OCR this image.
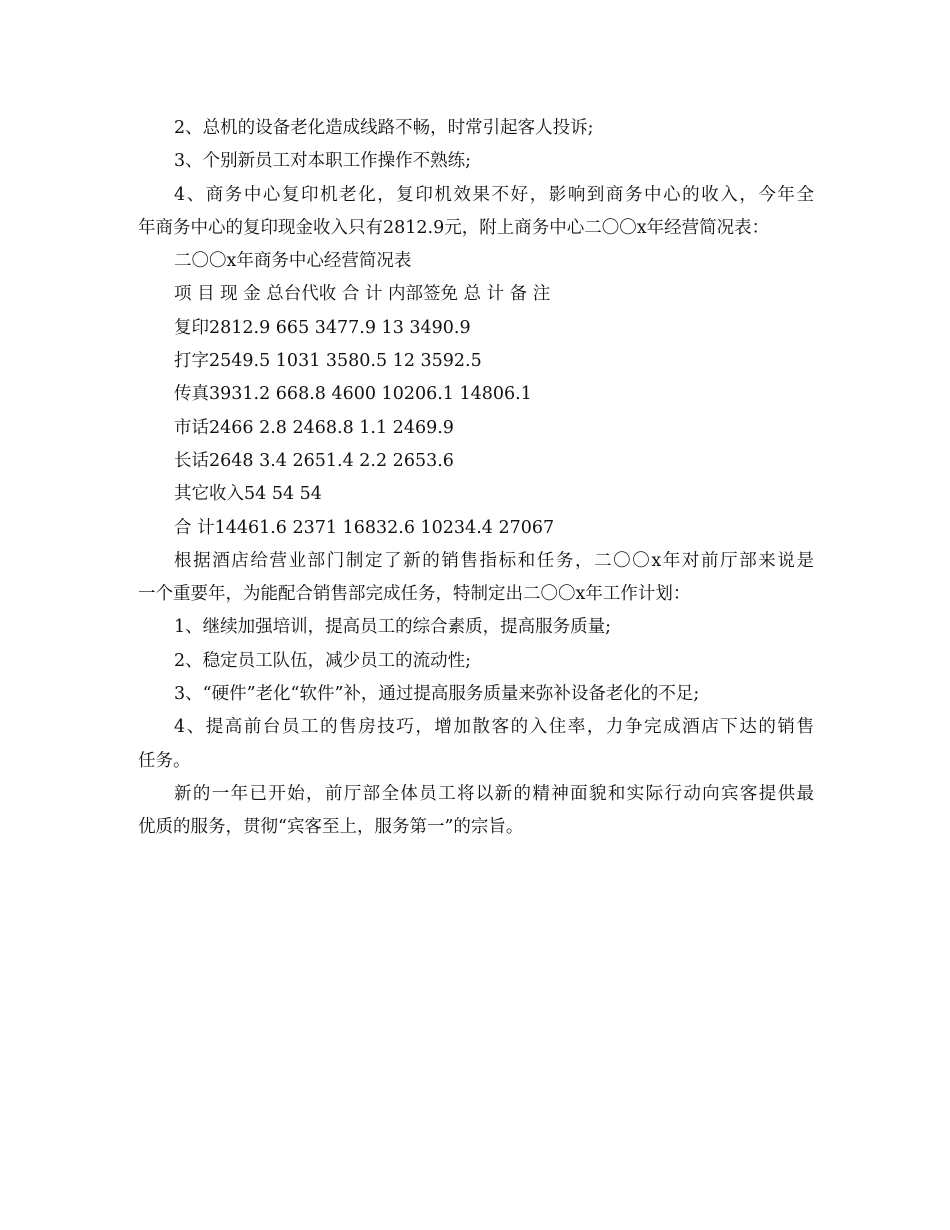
2、总机的设备老化造成线路不畅，时常引起客人投诉;
3、个别新员工对本职工作操作不熟练;
4、商务中心复印机老化，复印机效果不好，影响到商务中心的收入，今年全
年商务中心的复印现金收入只有2812.9元，附上商务中心二〇〇x年经营简况表：
二〇〇x年商务中心经营简况表
项 目 现 金 总台代收 合 计 内部签免 总 计 备 注
复印2812.9 665 3477.9 13 3490.9
打字2549.5 1031 3580.5 12 3592.5
传真3931.2 668.8 4600 10206.1 14806.1
市话2466 2.8 2468.8 1.1 2469.9
长话2648 3.4 2651.4 2.2 2653.6
其它收入54 54 54
合 计14461.6 2371 16832.6 10234.4 27067
根据酒店给营业部门制定了新的销售指标和任务，二〇〇x年对前厅部来说是
一个重要年，为能配合销售部完成任务，特制定出二〇〇x年工作计划：
1、继续加强培训，提高员工的综合素质，提高服务质量;
2、稳定员工队伍，减少员工的流动性;
3、“硬件”老化“软件”补，通过提高服务质量来弥补设备老化的不足;
4、提高前台员工的售房技巧，增加散客的入住率，力争完成酒店下达的销售
任务。
新的一年已开始，前厅部全体员工将以新的精神面貌和实际行动向宾客提供最
优质的服务，贯彻“宾客至上，服务第一”的宗旨。
